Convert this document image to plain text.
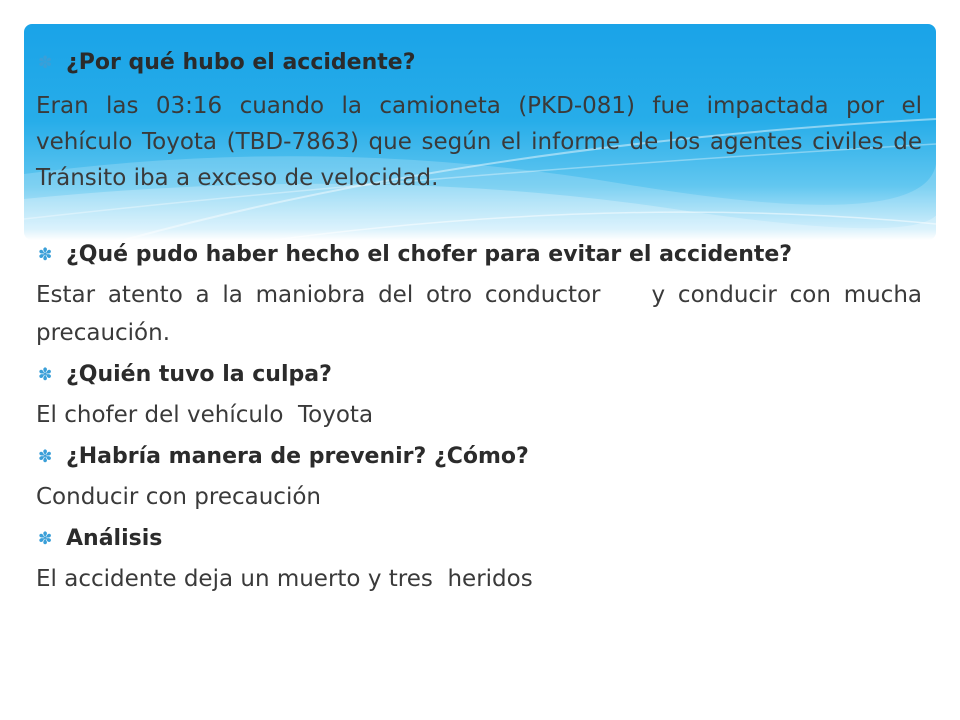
✽ ¿Por qué hubo el accidente?
Eran las 03:16 cuando la camioneta (PKD-081) fue impactada por el vehículo Toyota (TBD-7863) que según el informe de los agentes civiles de Tránsito iba a exceso de velocidad.
✽ ¿Qué pudo haber hecho el chofer para evitar el accidente?
Estar atento a la maniobra del otro conductor    y conducir con mucha precaución.
✽ ¿Quién tuvo la culpa?
El chofer del vehículo  Toyota
✽ ¿Habría manera de prevenir? ¿Cómo?
Conducir con precaución
✽ Análisis
El accidente deja un muerto y tres  heridos
